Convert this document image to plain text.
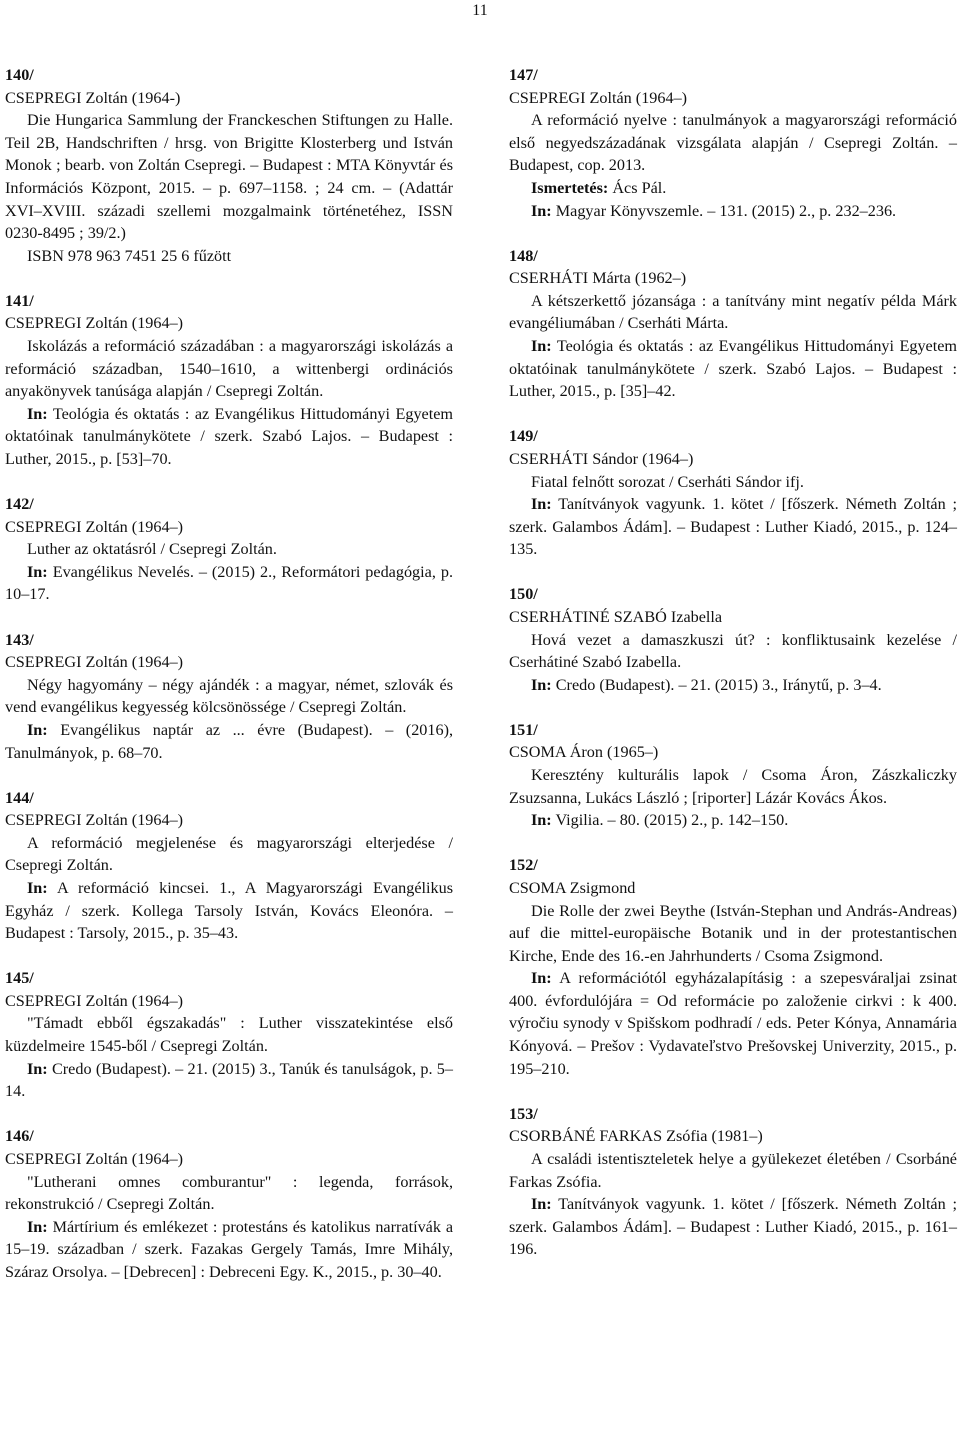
11
140/
CSEPREGI Zoltán (1964-)
Die Hungarica Sammlung der Franckeschen Stiftungen zu Halle. Teil 2B, Handschriften / hrsg. von Brigitte Klosterberg und István Monok ; bearb. von Zoltán Csepregi. – Budapest : MTA Könyvtár és Információs Központ, 2015. – p. 697–1158. ; 24 cm. – (Adattár XVI–XVIII. századi szellemi mozgalmaink történetéhez, ISSN 0230-8495 ; 39/2.)
ISBN 978 963 7451 25 6 fűzött
141/
CSEPREGI Zoltán (1964–)
Iskolázás a reformáció századában : a magyarországi iskolázás a reformáció században, 1540–1610, a wittenbergi ordinációs anyakönyvek tanúsága alapján / Csepregi Zoltán.
In: Teológia és oktatás : az Evangélikus Hittudományi Egyetem oktatóinak tanulmánykötete / szerk. Szabó Lajos. – Budapest : Luther, 2015., p. [53]–70.
142/
CSEPREGI Zoltán (1964–)
Luther az oktatásról / Csepregi Zoltán.
In: Evangélikus Nevelés. – (2015) 2., Reformátori pedagógia, p. 10–17.
143/
CSEPREGI Zoltán (1964–)
Négy hagyomány – négy ajándék : a magyar, német, szlovák és vend evangélikus kegyesség kölcsönössége / Csepregi Zoltán.
In: Evangélikus naptár az ... évre (Budapest). – (2016), Tanulmányok, p. 68–70.
144/
CSEPREGI Zoltán (1964–)
A reformáció megjelenése és magyarországi elterjedése / Csepregi Zoltán.
In: A reformáció kincsei. 1., A Magyarországi Evangélikus Egyház / szerk. Kollega Tarsoly István, Kovács Eleonóra. – Budapest : Tarsoly, 2015., p. 35–43.
145/
CSEPREGI Zoltán (1964–)
"Támadt ebből égszakadás" : Luther visszatekintése első küzdelmeire 1545-ből / Csepregi Zoltán.
In: Credo (Budapest). – 21. (2015) 3., Tanúk és tanulságok, p. 5–14.
146/
CSEPREGI Zoltán (1964–)
"Lutherani omnes comburantur" : legenda, források, rekonstrukció / Csepregi Zoltán.
In: Mártírium és emlékezet : protestáns és katolikus narratívák a 15–19. században / szerk. Fazakas Gergely Tamás, Imre Mihály, Száraz Orsolya. – [Debrecen] : Debreceni Egy. K., 2015., p. 30–40.
147/
CSEPREGI Zoltán (1964–)
A reformáció nyelve : tanulmányok a magyarországi reformáció első negyedszázadának vizsgálata alapján / Csepregi Zoltán. – Budapest, cop. 2013.
Ismertetés: Ács Pál.
In: Magyar Könyvszemle. – 131. (2015) 2., p. 232–236.
148/
CSERHÁTI Márta (1962–)
A kétszerkettő józansága : a tanítvány mint negatív példa Márk evangéliumában / Cserháti Márta.
In: Teológia és oktatás : az Evangélikus Hittudományi Egyetem oktatóinak tanulmánykötete / szerk. Szabó Lajos. – Budapest : Luther, 2015., p. [35]–42.
149/
CSERHÁTI Sándor (1964–)
Fiatal felnőtt sorozat / Cserháti Sándor ifj.
In: Tanítványok vagyunk. 1. kötet / [főszerk. Németh Zoltán ; szerk. Galambos Ádám]. – Budapest : Luther Kiadó, 2015., p. 124–135.
150/
CSERHÁTINÉ SZABÓ Izabella
Hová vezet a damaszkuszi út? : konfliktusaink kezelése / Cserhátiné Szabó Izabella.
In: Credo (Budapest). – 21. (2015) 3., Iránytű, p. 3–4.
151/
CSOMA Áron (1965–)
Keresztény kulturális lapok / Csoma Áron, Zászkaliczky Zsuzsanna, Lukács László ; [riporter] Lázár Kovács Ákos.
In: Vigilia. – 80. (2015) 2., p. 142–150.
152/
CSOMA Zsigmond
Die Rolle der zwei Beythe (István-Stephan und András-Andreas) auf die mittel-europäische Botanik und in der protestantischen Kirche, Ende des 16.-en Jahrhunderts / Csoma Zsigmond.
In: A reformációtól egyházalapításig : a szepesváraljai zsinat 400. évfordulójára = Od reformácie po založenie cirkvi : k 400. výročiu synody v Spišskom podhradí / eds. Peter Kónya, Annamária Kónyová. – Prešov : Vydavateľstvo Prešovskej Univerzity, 2015., p. 195–210.
153/
CSORBÁNÉ FARKAS Zsófia (1981–)
A családi istentiszteletek helye a gyülekezet életében / Csorbáné Farkas Zsófia.
In: Tanítványok vagyunk. 1. kötet / [főszerk. Németh Zoltán ; szerk. Galambos Ádám]. – Budapest : Luther Kiadó, 2015., p. 161–196.
